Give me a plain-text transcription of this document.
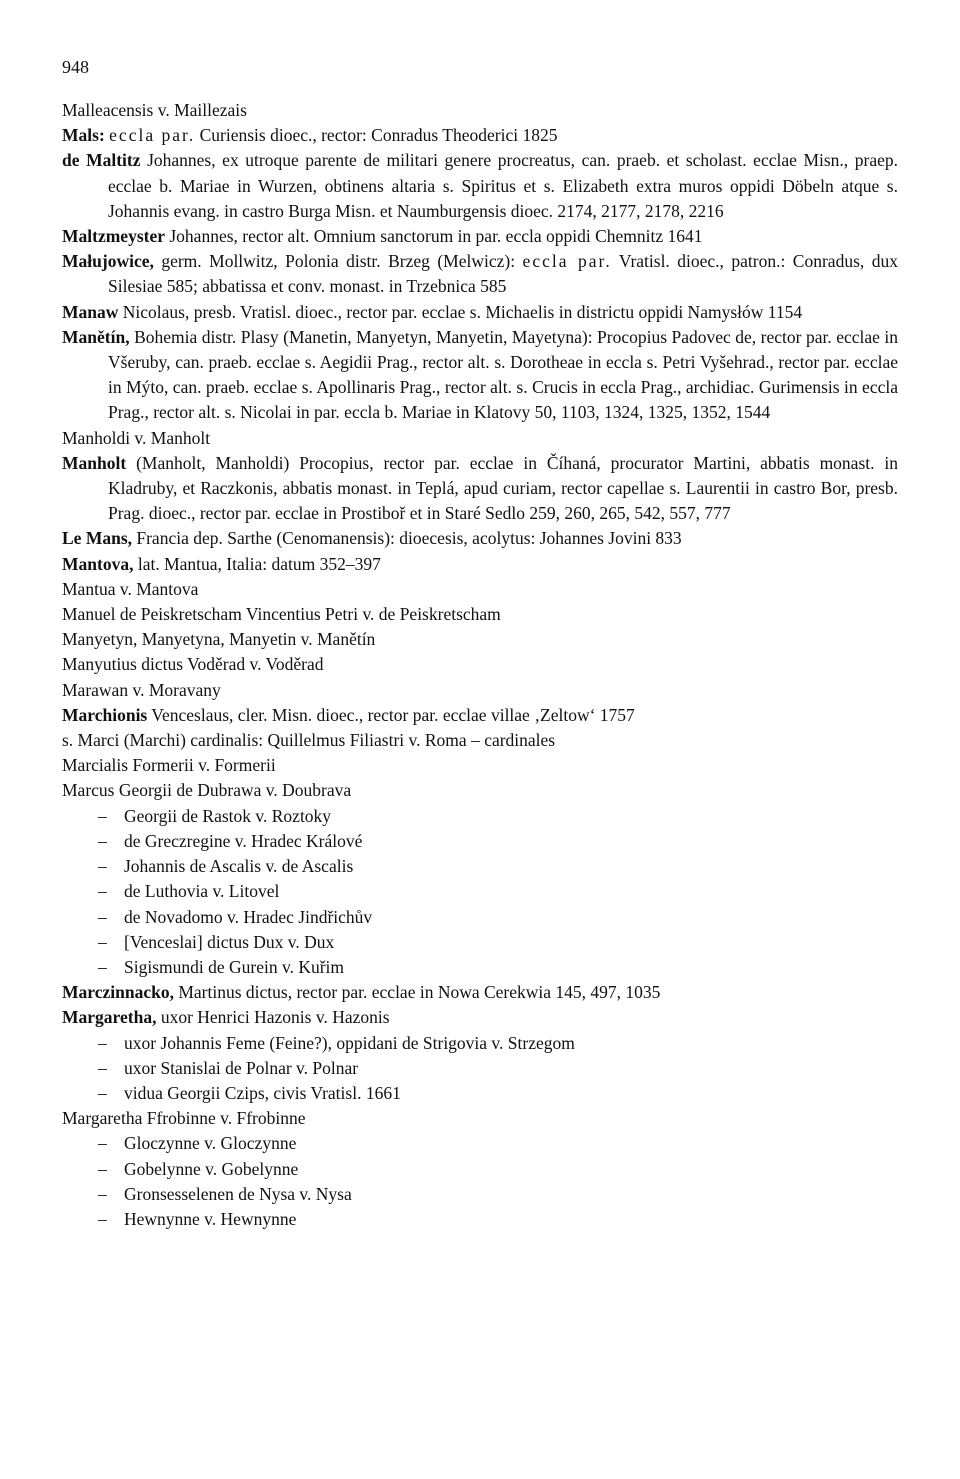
948
Malleacensis v. Maillezais
Mals: eccla par. Curiensis dioec., rector: Conradus Theoderici 1825
de Maltitz Johannes, ex utroque parente de militari genere procreatus, can. praeb. et scholast. ecclae Misn., praep. ecclae b. Mariae in Wurzen, obtinens altaria s. Spiritus et s. Elizabeth extra muros oppidi Döbeln atque s. Johannis evang. in castro Burga Misn. et Naumburgensis dioec. 2174, 2177, 2178, 2216
Maltzmeyster Johannes, rector alt. Omnium sanctorum in par. eccla oppidi Chemnitz 1641
Małujowice, germ. Mollwitz, Polonia distr. Brzeg (Melwicz): eccla par. Vratisl. dioec., patron.: Conradus, dux Silesiae 585; abbatissa et conv. monast. in Trzebnica 585
Manaw Nicolaus, presb. Vratisl. dioec., rector par. ecclae s. Michaelis in districtu oppidi Namysłów 1154
Manětín, Bohemia distr. Plasy (Manetin, Manyetyn, Manyetin, Mayetyna): Procopius Padovec de, rector par. ecclae in Všeruby, can. praeb. ecclae s. Aegidii Prag., rector alt. s. Dorotheae in eccla s. Petri Vyšehrad., rector par. ecclae in Mýto, can. praeb. ecclae s. Apollinaris Prag., rector alt. s. Crucis in eccla Prag., archidiac. Gurimensis in eccla Prag., rector alt. s. Nicolai in par. eccla b. Mariae in Klatovy 50, 1103, 1324, 1325, 1352, 1544
Manholdi v. Manholt
Manholt (Manholt, Manholdi) Procopius, rector par. ecclae in Číhaná, procurator Martini, abbatis monast. in Kladruby, et Raczkonis, abbatis monast. in Teplá, apud curiam, rector capellae s. Laurentii in castro Bor, presb. Prag. dioec., rector par. ecclae in Prostiboř et in Staré Sedlo 259, 260, 265, 542, 557, 777
Le Mans, Francia dep. Sarthe (Cenomanensis): dioecesis, acolytus: Johannes Jovini 833
Mantova, lat. Mantua, Italia: datum 352–397
Mantua v. Mantova
Manuel de Peiskretscham Vincentius Petri v. de Peiskretscham
Manyetyn, Manyetyna, Manyetin v. Manětín
Manyutius dictus Voděrad v. Voděrad
Marawan v. Moravany
Marchionis Venceslaus, cler. Misn. dioec., rector par. ecclae villae ‚Zeltow‘ 1757
s. Marci (Marchi) cardinalis: Quillelmus Filiastri v. Roma – cardinales
Marcialis Formerii v. Formerii
Marcus Georgii de Dubrawa v. Doubrava
– Georgii de Rastok v. Roztoky
– de Greczregine v. Hradec Králové
– Johannis de Ascalis v. de Ascalis
– de Luthovia v. Litovel
– de Novadomo v. Hradec Jindřichův
– [Venceslai] dictus Dux v. Dux
– Sigismundi de Gurein v. Kuřim
Marczinnacko, Martinus dictus, rector par. ecclae in Nowa Cerekwia 145, 497, 1035
Margaretha, uxor Henrici Hazonis v. Hazonis
– uxor Johannis Feme (Feine?), oppidani de Strigovia v. Strzegom
– uxor Stanislai de Polnar v. Polnar
– vidua Georgii Czips, civis Vratisl. 1661
Margaretha Ffrobinne v. Ffrobinne
– Gloczynne v. Gloczynne
– Gobelynne v. Gobelynne
– Gronsesselenen de Nysa v. Nysa
– Hewnynne v. Hewnynne
